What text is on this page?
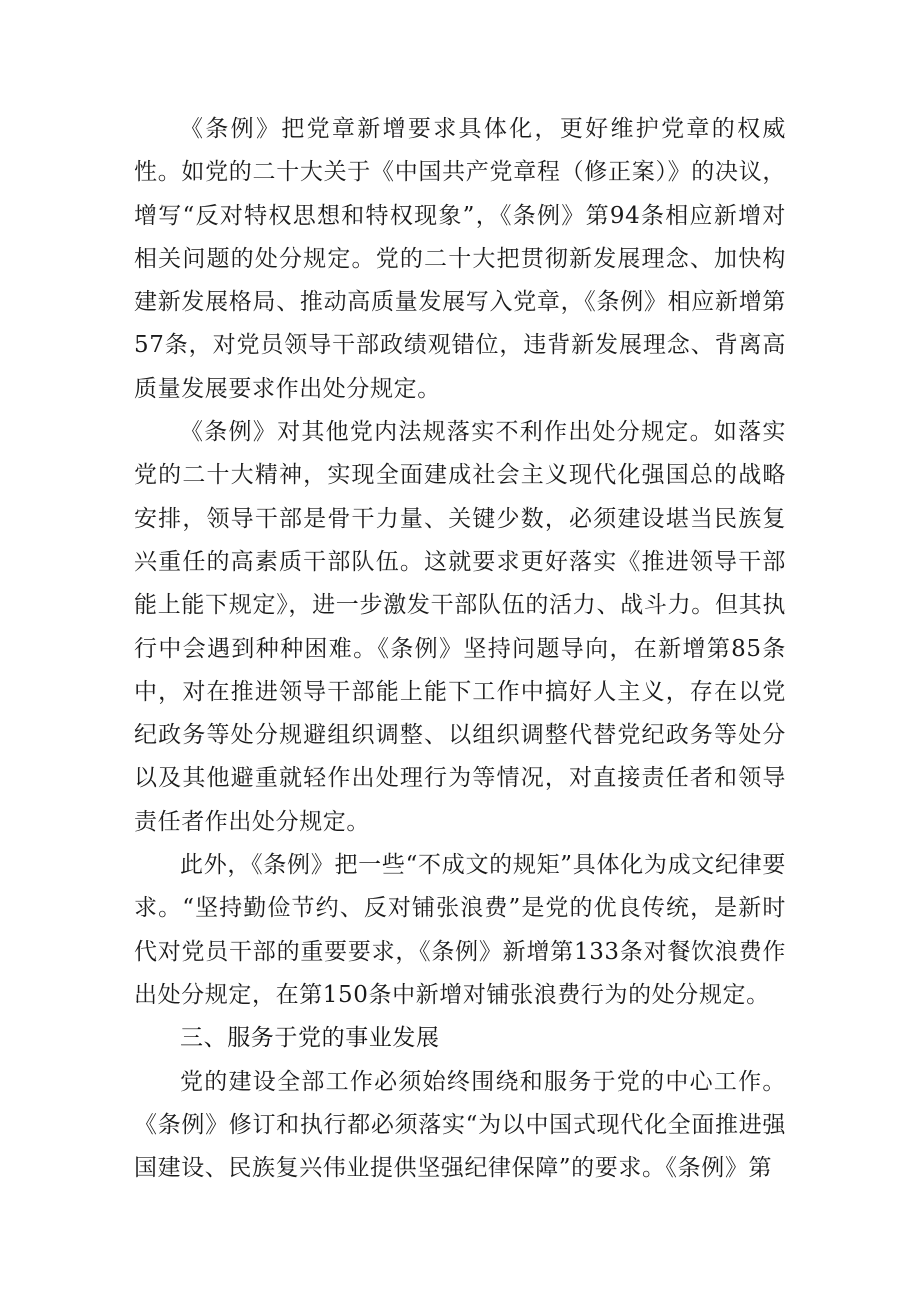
《条例》把党章新增要求具体化，更好维护党章的权威性。如党的二十大关于《中国共产党章程（修正案）》的决议，增写“反对特权思想和特权现象”，《条例》第94条相应新增对相关问题的处分规定。党的二十大把贯彻新发展理念、加快构建新发展格局、推动高质量发展写入党章，《条例》相应新增第57条，对党员领导干部政绩观错位，违背新发展理念、背离高质量发展要求作出处分规定。

《条例》对其他党内法规落实不利作出处分规定。如落实党的二十大精神，实现全面建成社会主义现代化强国总的战略安排，领导干部是骨干力量、关键少数，必须建设堪当民族复兴重任的高素质干部队伍。这就要求更好落实《推进领导干部能上能下规定》，进一步激发干部队伍的活力、战斗力。但其执行中会遇到种种困难。《条例》坚持问题导向，在新增第85条中，对在推进领导干部能上能下工作中搞好人主义，存在以党纪政务等处分规避组织调整、以组织调整代替党纪政务等处分以及其他避重就轻作出处理行为等情况，对直接责任者和领导责任者作出处分规定。

此外，《条例》把一些“不成文的规矩”具体化为成文纪律要求。“坚持勤俭节约、反对铺张浪费”是党的优良传统，是新时代对党员干部的重要要求，《条例》新增第133条对餐饮浪费作出处分规定，在第150条中新增对铺张浪费行为的处分规定。

三、服务于党的事业发展

党的建设全部工作必须始终围绕和服务于党的中心工作。《条例》修订和执行都必须落实“为以中国式现代化全面推进强国建设、民族复兴伟业提供坚强纪律保障”的要求。《条例》第
